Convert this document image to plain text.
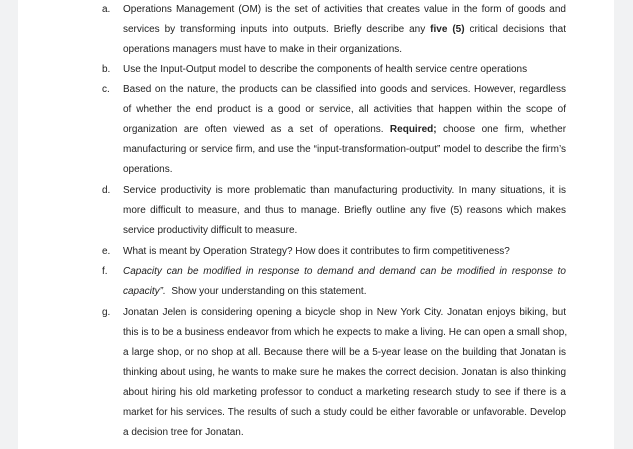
a. Operations Management (OM) is the set of activities that creates value in the form of goods and
services by transforming inputs into outputs. Briefly describe any five (5) critical decisions that
operations managers must have to make in their organizations.
b. Use the Input-Output model to describe the components of health service centre operations
c. Based on the nature, the products can be classified into goods and services. However, regardless
of whether the end product is a good or service, all activities that happen within the scope of
organization are often viewed as a set of operations. Required; choose one firm, whether
manufacturing or service firm, and use the “input-transformation-output” model to describe the firm’s
operations.
d. Service productivity is more problematic than manufacturing productivity. In many situations, it is
more difficult to measure, and thus to manage. Briefly outline any five (5) reasons which makes
service productivity difficult to measure.
e. What is meant by Operation Strategy? How does it contributes to firm competitiveness?
f. Capacity can be modified in response to demand and demand can be modified in response to
capacity”. Show your understanding on this statement.
g. Jonatan Jelen is considering opening a bicycle shop in New York City. Jonatan enjoys biking, but
this is to be a business endeavor from which he expects to make a living. He can open a small shop,
a large shop, or no shop at all. Because there will be a 5-year lease on the building that Jonatan is
thinking about using, he wants to make sure he makes the correct decision. Jonatan is also thinking
about hiring his old marketing professor to conduct a marketing research study to see if there is a
market for his services. The results of such a study could be either favorable or unfavorable. Develop
a decision tree for Jonatan.
